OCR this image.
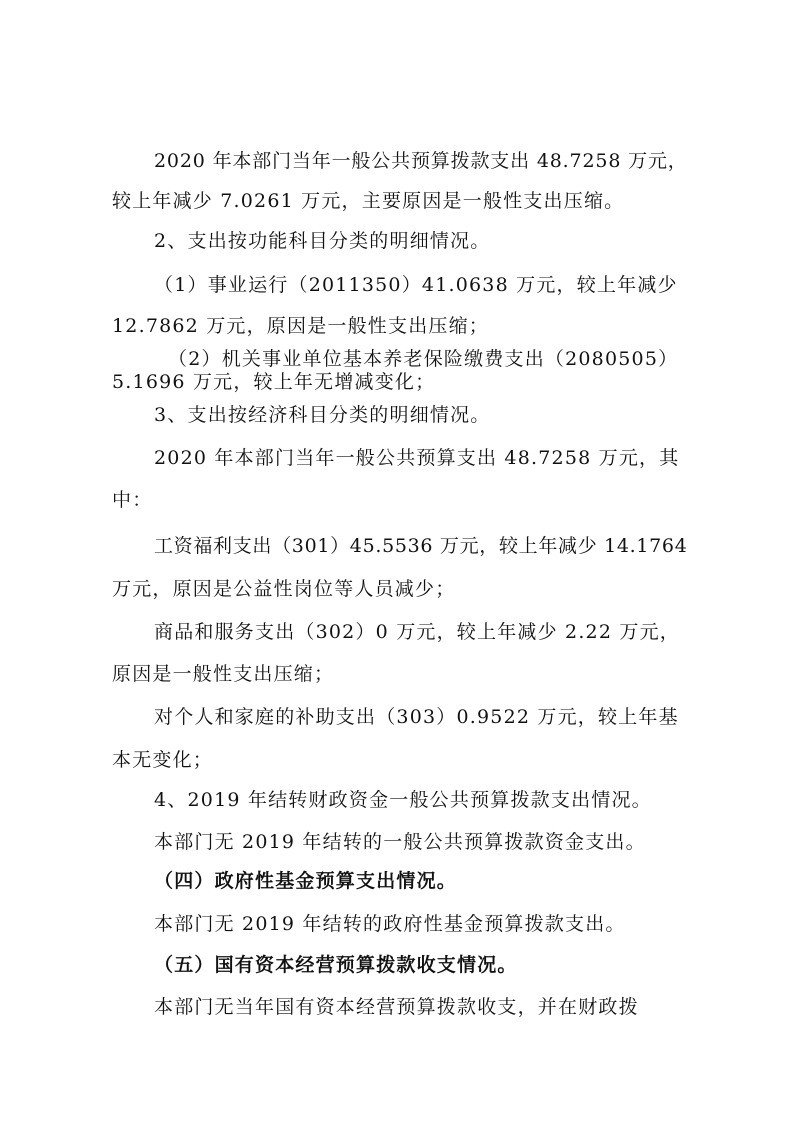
2020 年本部门当年一般公共预算拨款支出 48.7258 万元，
较上年减少 7.0261 万元，主要原因是一般性支出压缩。
2、支出按功能科目分类的明细情况。
（1）事业运行（2011350）41.0638 万元，较上年减少
12.7862 万元，原因是一般性支出压缩；
（2）机关事业单位基本养老保险缴费支出（2080505）
5.1696 万元，较上年无增减变化；
3、支出按经济科目分类的明细情况。
2020 年本部门当年一般公共预算支出 48.7258 万元，其
中：
工资福利支出（301）45.5536 万元，较上年减少 14.1764
万元，原因是公益性岗位等人员减少；
商品和服务支出（302）0 万元，较上年减少 2.22 万元，
原因是一般性支出压缩；
对个人和家庭的补助支出（303）0.9522 万元，较上年基
本无变化；
4、2019 年结转财政资金一般公共预算拨款支出情况。
本部门无 2019 年结转的一般公共预算拨款资金支出。
（四）政府性基金预算支出情况。
本部门无 2019 年结转的政府性基金预算拨款支出。
（五）国有资本经营预算拨款收支情况。
本部门无当年国有资本经营预算拨款收支，并在财政拨
